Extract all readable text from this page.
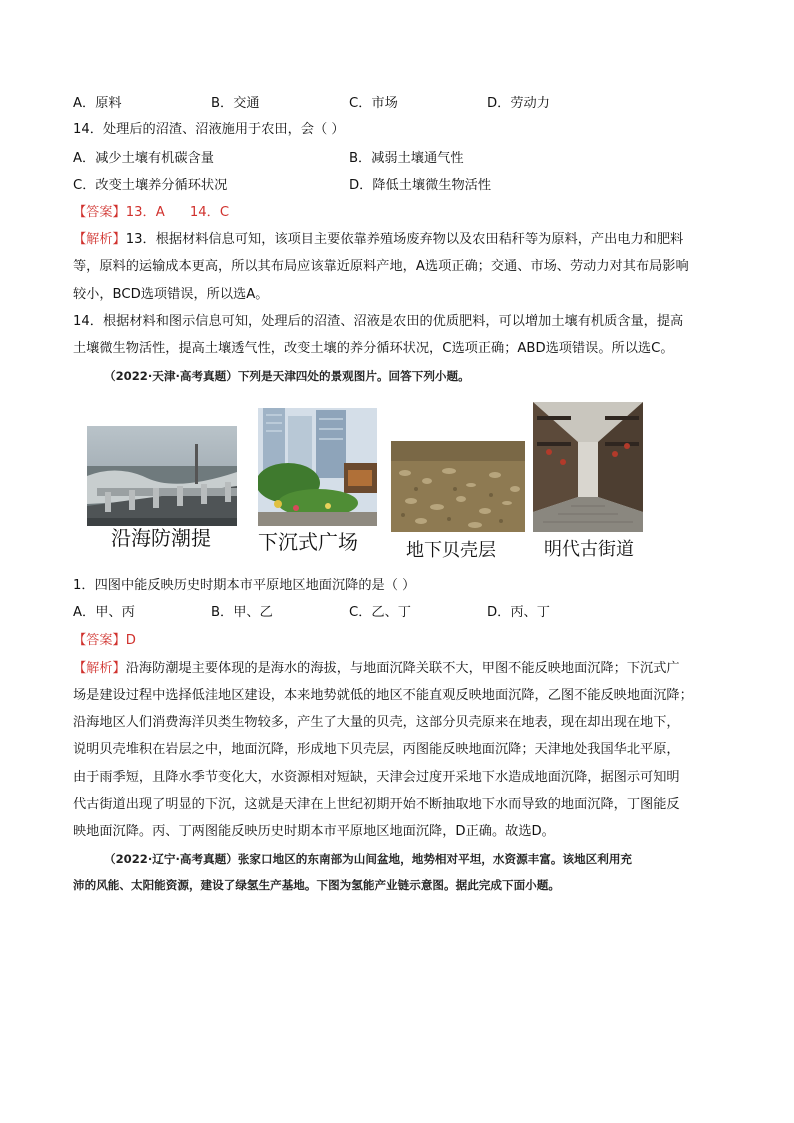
A．原料	B．交通	C．市场	D．劳动力
14．处理后的沼渣、沼液施用于农田，会（ ）
A．减少土壤有机碳含量	B．减弱土壤通气性
C．改变土壤养分循环状况	D．降低土壤微生物活性
【答案】13．A      14．C
【解析】13．根据材料信息可知，该项目主要依靠养殖场废弃物以及农田秸秆等为原料，产出电力和肥料
等，原料的运输成本更高，所以其布局应该靠近原料产地，A选项正确；交通、市场、劳动力对其布局影响
较小，BCD选项错误，所以选A。
14．根据材料和图示信息可知，处理后的沼渣、沼液是农田的优质肥料，可以增加土壤有机质含量，提高
土壤微生物活性，提高土壤透气性，改变土壤的养分循环状况，C选项正确；ABD选项错误。所以选C。
（2022·天津·高考真题）下列是天津四处的景观图片。回答下列小题。
沿海防潮提 下沉式广场	地下贝壳层	明代古街道
1．四图中能反映历史时期本市平原地区地面沉降的是（ ）
A．甲、丙	B．甲、乙	C．乙、丁	D．丙、丁
【答案】D
【解析】沿海防潮堤主要体现的是海水的海拔，与地面沉降关联不大，甲图不能反映地面沉降；下沉式广
场是建设过程中选择低洼地区建设，本来地势就低的地区不能直观反映地面沉降，乙图不能反映地面沉降；
沿海地区人们消费海洋贝类生物较多，产生了大量的贝壳，这部分贝壳原来在地表，现在却出现在地下，
说明贝壳堆积在岩层之中，地面沉降，形成地下贝壳层，丙图能反映地面沉降；天津地处我国华北平原，
由于雨季短，且降水季节变化大，水资源相对短缺，天津会过度开采地下水造成地面沉降，据图示可知明
代古街道出现了明显的下沉，这就是天津在上世纪初期开始不断抽取地下水而导致的地面沉降，丁图能反
映地面沉降。丙、丁两图能反映历史时期本市平原地区地面沉降，D正确。故选D。
（2022·辽宁·高考真题）张家口地区的东南部为山间盆地，地势相对平坦，水资源丰富。该地区利用充
沛的风能、太阳能资源，建设了绿氢生产基地。下图为氢能产业链示意图。据此完成下面小题。
